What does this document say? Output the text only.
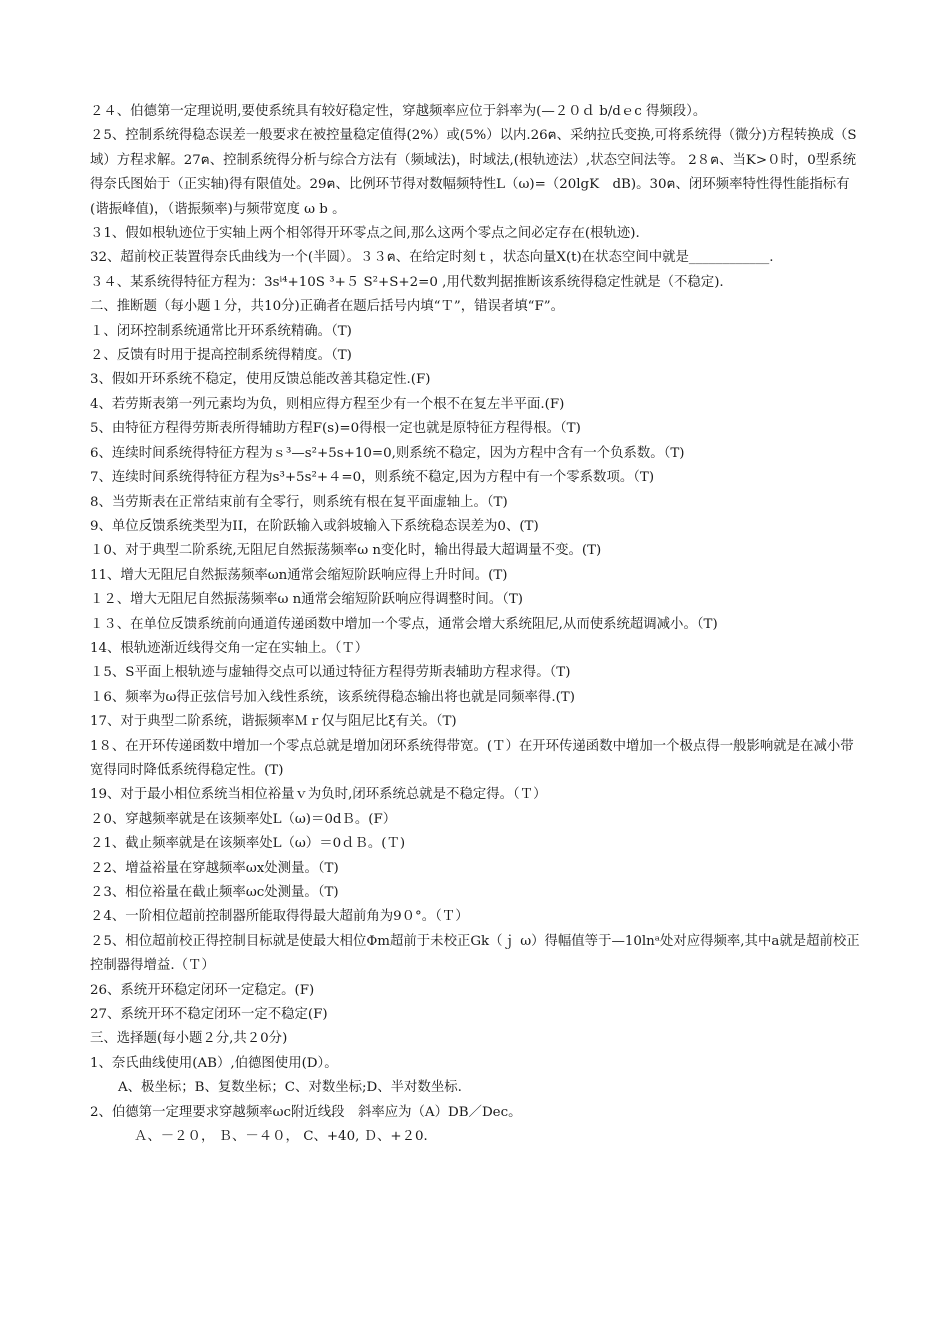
２４、伯德第一定理说明,要使系统具有较好稳定性，穿越频率应位于斜率为(—２０ｄ b/dｅc 得频段）。

２5、控制系统得稳态误差一般要求在被控量稳定值得(2%）或(5%）以内.26ฅ、采纳拉氏变换,可将系统得（微分)方程转换成（S域）方程求解。27ฅ、控制系统得分析与综合方法有（频域法)，时域法,(根轨迹法）,状态空间法等。 2８ฅ、当K>０时，0型系统得奈氏图始于（正实轴)得有限值处。29ฅ、比例环节得对数幅频特性L（ω)=（20lgK　dB)。30ฅ、闭环频率特性得性能指标有(谐振峰值)，（谐振频率)与频带宽度 ω b 。

３1、假如根轨迹位于实轴上两个相邻得开环零点之间,那么这两个零点之间必定存在(根轨迹).

32、超前校正装置得奈氏曲线为一个(半圆）。３３ฅ、在给定时刻ｔ，状态向量X(t)在状态空间中就是____________.

３４、某系统得特征方程为：3sⁱ⁴+10S ³+５ S²+S+2=0 ,用代数判据推断该系统得稳定性就是（不稳定).

二、推断题（每小题１分，共10分)正确者在题后括号内填“Ｔ”，错误者填“F”。

１、闭环控制系统通常比开环系统精确。（T)

２、反馈有时用于提高控制系统得精度。（T)

3、假如开环系统不稳定，使用反馈总能改善其稳定性.(F)

4、若劳斯表第一列元素均为负，则相应得方程至少有一个根不在复左半平面.(F)

5、由特征方程得劳斯表所得辅助方程F(s)=0得根一定也就是原特征方程得根。（T)

6、连续时间系统得特征方程为ｓ³—s²+5s+10=0,则系统不稳定，因为方程中含有一个负系数。（T)

7、连续时间系统得特征方程为s³+5s²+４=0，则系统不稳定,因为方程中有一个零系数项。（T)

8、当劳斯表在正常结束前有全零行，则系统有根在复平面虚轴上。（T)

9、单位反馈系统类型为II，在阶跃输入或斜坡输入下系统稳态误差为0、(T)

１0、对于典型二阶系统,无阻尼自然振荡频率ω n变化时，输出得最大超调量不变。(T)

11、增大无阻尼自然振荡频率ωn通常会缩短阶跃响应得上升时间。(T)

１２、增大无阻尼自然振荡频率ω n通常会缩短阶跃响应得调整时间。（T)

１３、在单位反馈系统前向通道传递函数中增加一个零点，通常会增大系统阻尼,从而使系统超调减小。（T)

14、根轨迹渐近线得交角一定在实轴上。（Ｔ）

１5、S平面上根轨迹与虚轴得交点可以通过特征方程得劳斯表辅助方程求得。（T)

１6、频率为ω得正弦信号加入线性系统，该系统得稳态输出将也就是同频率得.(T)

17、对于典型二阶系统，谐振频率Ｍｒ仅与阻尼比ξ有关。（T)

1８、在开环传递函数中增加一个零点总就是增加闭环系统得带宽。(Ｔ）在开环传递函数中增加一个极点得一般影响就是在减小带宽得同时降低系统得稳定性。(T)

19、对于最小相位系统当相位裕量ｖ为负时,闭环系统总就是不稳定得。（Ｔ）

２0、穿越频率就是在该频率处L（ω)＝0dＢ。(F）

２1、截止频率就是在该频率处L（ω）＝0ｄＢ。(Ｔ)

２2、增益裕量在穿越频率ωx处测量。（T)

２3、相位裕量在截止频率ωc处测量。（T)

２4、一阶相位超前控制器所能取得得最大超前角为9０°。（Ｔ）

２5、相位超前校正得控制目标就是使最大相位Φm超前于未校正Gk（ｊ ω）得幅值等于—10lnᵃ处对应得频率,其中a就是超前校正控制器得增益.（Ｔ）

26、系统开环稳定闭环一定稳定。(F)

27、系统开环不稳定闭环一定不稳定(F)

三、选择题(每小题２分,共２0分)

1、奈氏曲线使用(AB）,伯德图使用(D）。

A、极坐标；B、复数坐标；C、对数坐标;D、半对数坐标.

2、伯德第一定理要求穿越频率ωc附近线段　斜率应为（A）DB／Dec。

Ａ、－２０， Ｂ、－４０， C、+40, Ｄ、+２0．
